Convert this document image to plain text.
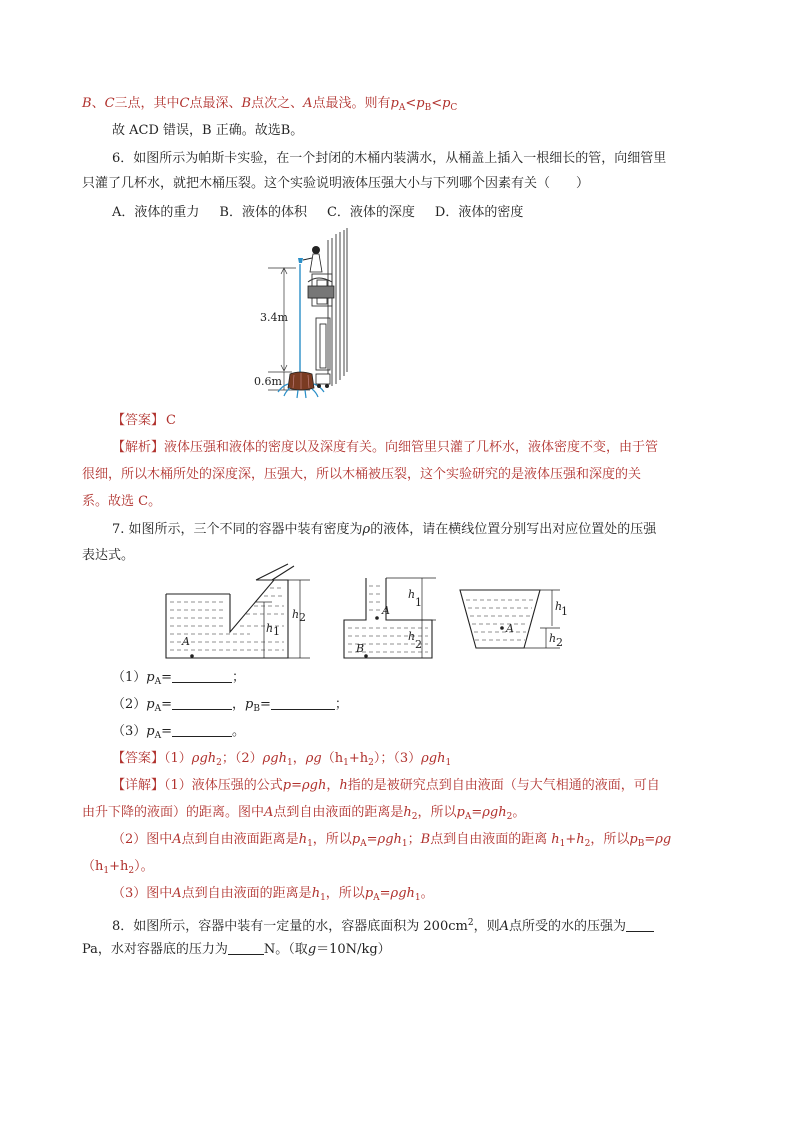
B、C三点，其中C点最深、B点次之、A点最浅。则有$p_A<p_B<p_C$
故 ACD 错误，B 正确。故选B。
6．如图所示为帕斯卡实验，在一个封闭的木桶内装满水，从桶盖上插入一根细长的管，向细管里
只灌了几杯水，就把木桶压裂。这个实验说明液体压强大小与下列哪个因素有关（　　）
A．液体的重力 B．液体的体积 C．液体的深度 D．液体的密度
3.4m
0.6m
【答案】 C
【解析】液体压强和液体的密度以及深度有关。向细管里只灌了几杯水，液体密度不变，由于管
很细，所以木桶所处的深度深，压强大，所以木桶被压裂，这个实验研究的是液体压强和深度的关
系。故选 C。
7. 如图所示，三个不同的容器中装有密度为ρ的液体，请在横线位置分别写出对应位置处的压强
表达式。
A
h 1
h 2
A
B
h
1
h
2
A
h
1
h 2
$(1)p_A=$	；
$(2)p_A=$	，$p_B=$	；
$(3)p_A=$	。
【答案】（1）ρgh$_2$；（2）ρgh$_1$，$\rho g(h_1+h_2)$；（3）ρgh$_1$
【详解】（1）液体压强的公式p=ρgh，h指的是被研究点到自由液面（与大气相通的液面，可自
由升下降的液面）的距离。图中A点到自由液面的距离是$h_2$，所以$p_A=\rho gh_2$。
（2）图中A点到自由液面距离是$h_1$，所以$p_A=\rho gh_1$；B点到自由液面的距离 $h_1+h_2$，所以$p_B=\rho g$
$(h_1+h_2)$。
（3）图中A点到自由液面的距离是$h_1$，所以$p_A=\rho gh_1$。
8．如图所示，容器中装有一定量的水，容器底面积为 $200cm^2$，则A点所受的水的压强为
Pa，水对容器底的压力为	N。（取g＝10N/kg）
